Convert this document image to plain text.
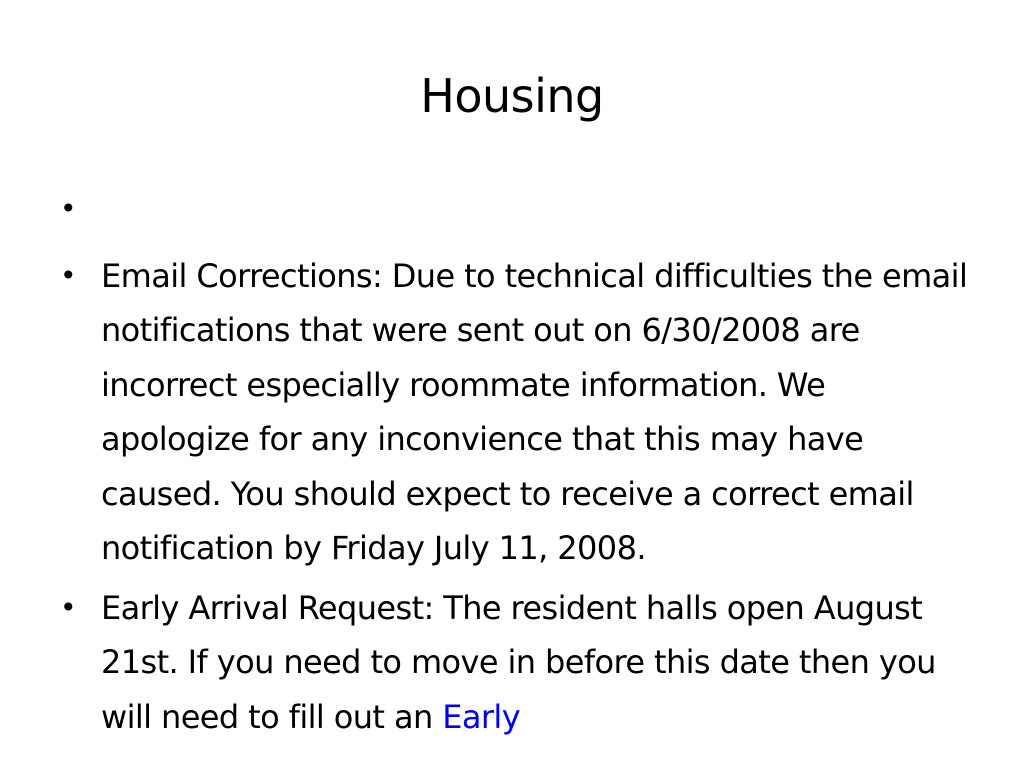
Housing
•
• Email Corrections: Due to technical difficulties the email notifications that were sent out on 6/30/2008 are incorrect especially roommate information. We apologize for any inconvience that this may have caused. You should expect to receive a correct email notification by Friday July 11, 2008.
• Early Arrival Request: The resident halls open August 21st. If you need to move in before this date then you will need to fill out an Early
